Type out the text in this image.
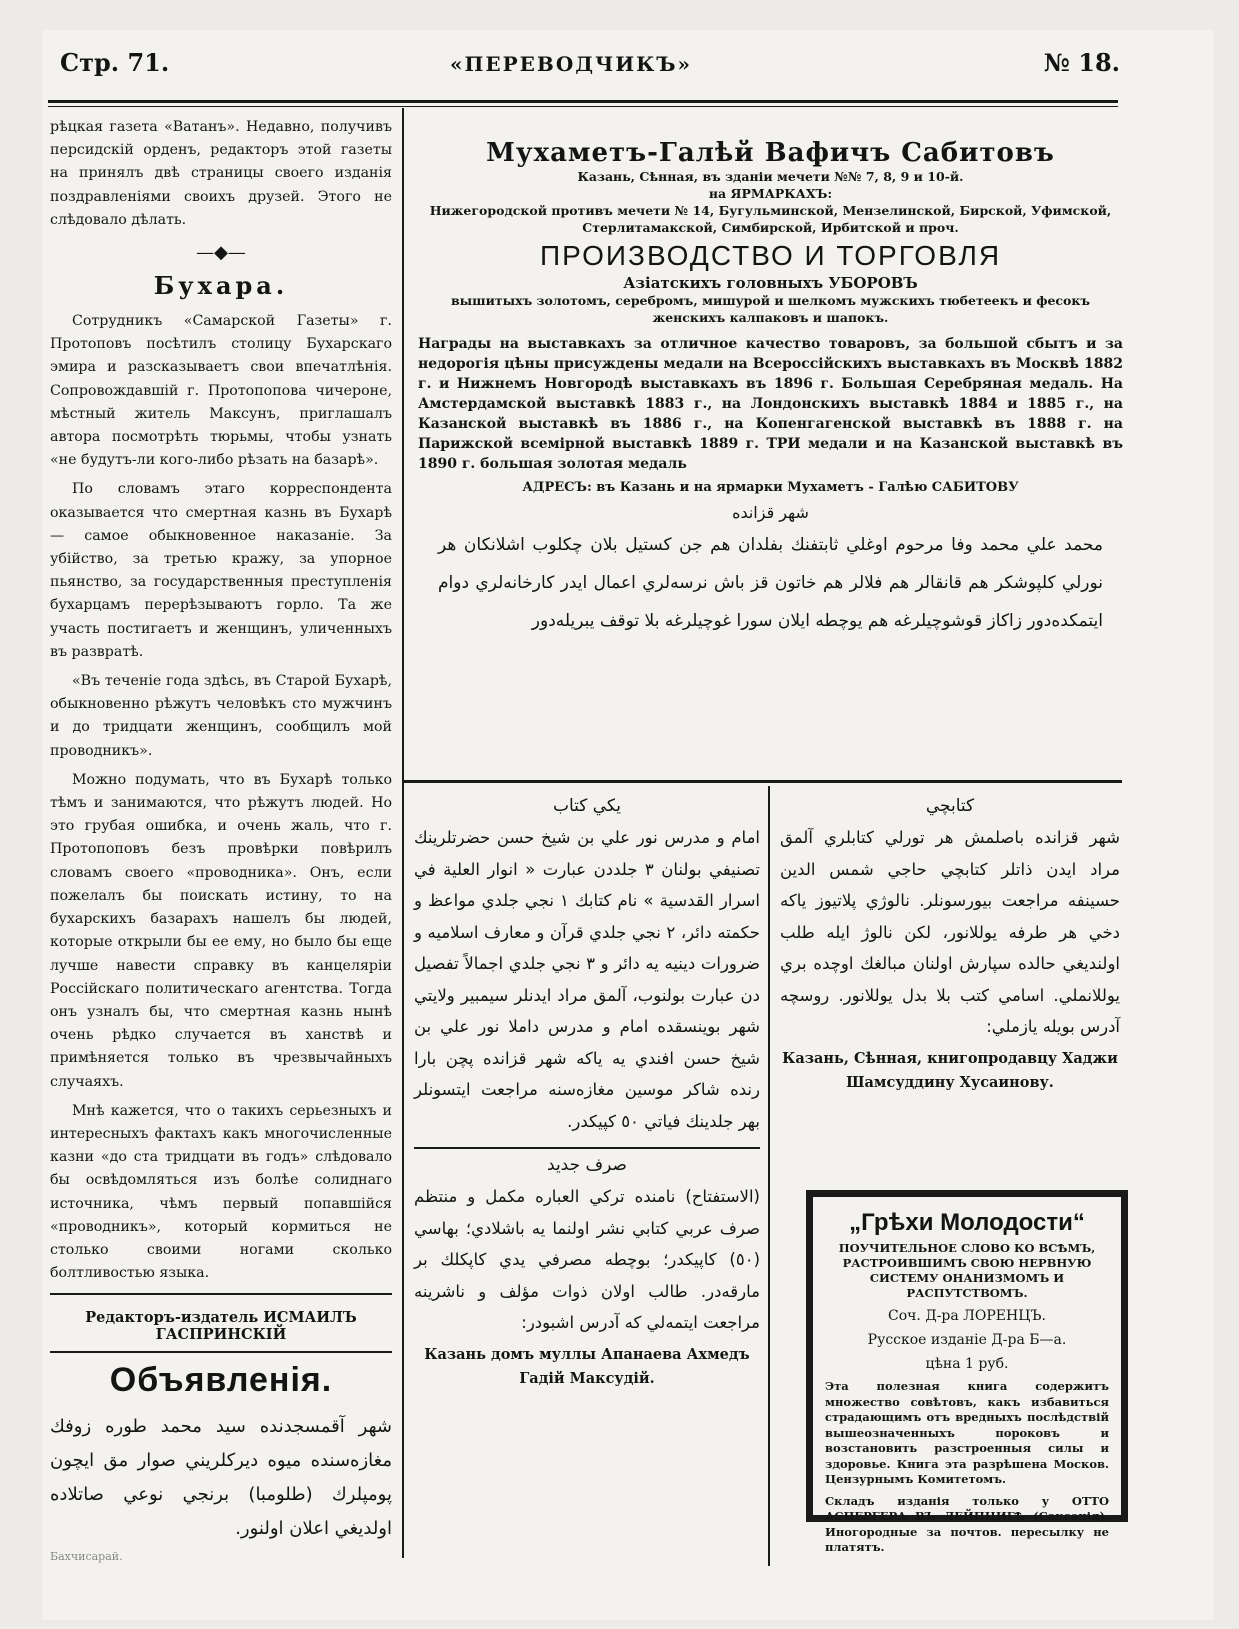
Стр. 71.	«ПЕРЕВОДЧИКЪ»	№ 18.

рѣцкая газета «Ватанъ». Недавно, получивъ персидскій орденъ, редакторъ этой газеты на принялъ двѣ страницы своего изданія поздравленіями своихъ друзей. Этого не слѣдовало дѣлать.

—◆—
Бухара.

Сотрудникъ «Самарской Газеты» г. Протоповъ посѣтилъ столицу Бухарскаго эмира и разсказываетъ свои впечатлѣнія. Сопровождавшій г. Протопопова чичероне, мѣстный житель Максунъ, приглашалъ автора посмотрѣть тюрьмы, чтобы узнать «не будутъ-ли кого-либо рѣзать на базарѣ».

По словамъ этаго корреспондента оказывается что смертная казнь въ Бухарѣ — самое обыкновенное наказаніе. За убійство, за третью кражу, за упорное пьянство, за государственныя преступленія бухарцамъ перерѣзываютъ горло. Та же участь постигаетъ и женщинъ, уличенныхъ въ развратѣ.

«Въ теченіе года здѣсь, въ Старой Бухарѣ, обыкновенно рѣжутъ человѣкъ сто мужчинъ и до тридцати женщинъ, сообщилъ мой проводникъ».

Можно подумать, что въ Бухарѣ только тѣмъ и занимаются, что рѣжутъ людей. Но это грубая ошибка, и очень жаль, что г. Протопоповъ безъ провѣрки повѣрилъ словамъ своего «проводника». Онъ, если пожелалъ бы поискать истину, то на бухарскихъ базарахъ нашелъ бы людей, которые открыли бы ее ему, но было бы еще лучше навести справку въ канцеляріи Россійскаго политическаго агентства. Тогда онъ узналъ бы, что смертная казнь нынѣ очень рѣдко случается въ ханствѣ и примѣняется только въ чрезвычайныхъ случаяхъ.

Мнѣ кажется, что о такихъ серьезныхъ и интересныхъ фактахъ какъ многочисленные казни «до ста тридцати въ годъ» слѣдовало бы освѣдомляться изъ болѣе солиднаго источника, чѣмъ первый попавшійся «проводникъ», который кормиться не столько своими ногами сколько болтливостью языка.

Редакторъ-издатель ИСМАИЛЪ ГАСПРИНСКІЙ
Объявленія.

شهر آقمسجدنده سيد محمد طورە زوفك مغازەسنده ميوە ديركلريني صوار مق ايچون پومپلرك (طلومبا) برنجي نوعي صاتلادە اولديغي اعلان اولنور.

Бахчисарай.
Мухаметъ-Галѣй Вафичъ Сабитовъ
Казань, Сѣнная, въ зданіи мечети №№ 7, 8, 9 и 10-й.
на ЯРМАРКАХЪ:
Нижегородской противъ мечети № 14, Бугульминской, Мензелинской, Бирской, Уфимской, Стерлитамакской, Симбирской, Ирбитской и проч.
ПРОИЗВОДСТВО И ТОРГОВЛЯ
Азіатскихъ головныхъ УБОРОВЪ
вышитыхъ золотомъ, серебромъ, мишурой и шелкомъ мужскихъ тюбетеекъ и фесокъ женскихъ калпаковъ и шапокъ.
Награды на выставкахъ за отличное качество товаровъ, за большой сбытъ и за недорогія цѣны присуждены медали на Всероссійскихъ выставкахъ въ Москвѣ 1882 г. и Нижнемъ Новгородѣ выставкахъ въ 1896 г. Большая Серебряная медаль. На Амстердамской выставкѣ 1883 г., на Лондонскихъ выставкѣ 1884 и 1885 г., на Казанской выставкѣ въ 1886 г., на Копенгагенской выставкѣ въ 1888 г. на Парижской всемірной выставкѣ 1889 г. ТРИ медали и на Казанской выставкѣ въ 1890 г. большая золотая медаль
АДРЕСЪ: въ Казань и на ярмарки Мухаметъ - Галѣю САБИТОВУ
شهر قزانده

محمد علي محمد وفا مرحوم اوغلي ثابتفنك بفلدان هم جن كستيل بلان چكلوب اشلانكان هر نورلي كلپوشكر هم قانقالر هم فلالر هم خاتون قز باش نرسەلري اعمال ايدر كارخانەلري دوام ايتمكدەدور زاكاز قوشوچيلرغه هم يوچطه ايلان سورا غوچيلرغه بلا توقف يبريلەدور

يكي كتاب

امام و مدرس نور علي بن شيخ حسن حضرتلرينك تصنيفي بولنان ٣ جلددن عبارت « انوار العلية في اسرار القدسية » نام كتابك ١ نجي جلدي مواعظ و حكمته دائر، ٢ نجي جلدي قرآن و معارف اسلاميه و ضرورات دينيه يه دائر و ٣ نجي جلدي اجمالاً تفصيل دن عبارت بولنوب، آلمق مراد ايدنلر سيمبير ولايتي شهر بوينسقده امام و مدرس داملا نور علي بن شيخ حسن افندي يه ياكه شهر قزانده پچن بارا رنده شاكر موسين مغازەسنه مراجعت ايتسونلر بهر جلدينك فياتي ٥٠ كپيكدر.

صرف جديد

(الاستفتاح) نامنده تركي العبارە مكمل و منتظم صرف عربي كتابي نشر اولنما يه باشلادي؛ بهاسي (٥٠) كاپيكدر؛ بوچطه مصرفي يدي كاپكلك بر مارقەدر. طالب اولان ذوات مؤلف و ناشرينه مراجعت ايتمەلي كه آدرس اشبودر:

Казань домъ муллы Апанаева Ахмедъ Гадій Максудій.
كتابچي

شهر قزانده باصلمش هر تورلي كتابلري آلمق مراد ايدن ذاتلر كتابچي حاجي شمس الدين حسينفه مراجعت بيورسونلر. نالوژي پلاتيوز ياكه دخي هر طرفه يوللانور، لكن نالوژ ايله طلب اولنديغي حالده سپارش اولنان مبالغك اوچده بري يوللانملي. اسامي كتب بلا بدل يوللانور. روسچه آدرس بويله يازملي:

Казань, Сѣнная, книгопродавцу Хаджи Шамсуддину Хусаинову.
„Грѣхи Молодости“
ПОУЧИТЕЛЬНОЕ СЛОВО КО ВСѢМЪ, РАСТРОИВШИМЪ СВОЮ НЕРВНУЮ СИСТЕМУ ОНАНИЗМОМЪ И РАСПУТСТВОМЪ.
Соч. Д-ра ЛОРЕНЦЪ.
Русское изданіе Д-ра Б—а.
цѣна 1 руб.
Эта полезная книга содержитъ множество совѣтовъ, какъ избавиться страдающимъ отъ вредныхъ послѣдствій вышеозначенныхъ пороковъ и возстановить разстроенныя силы и здоровье. Книга эта разрѣшена Москов. Цензурнымъ Комитетомъ.
Складъ изданія только у ОТТО АСПЕРГЕРА ВЪ ЛЕЙПЦИГѢ (Саксонія). Иногородные за почтов. пересылку не платятъ.
